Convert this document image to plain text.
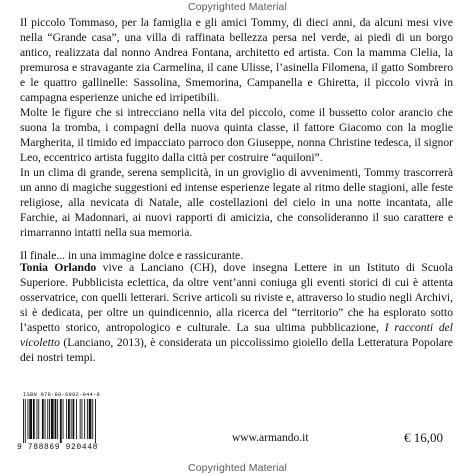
Copyrighted Material

Il piccolo Tommaso, per la famiglia e gli amici Tommy, di dieci anni, da alcuni mesi vive nella “Grande casa”, una villa di raffinata bellezza persa nel verde, ai piedi di un borgo antico, realizzata dal nonno Andrea Fontana, architetto ed artista. Con la mamma Clelia, la premurosa e stravagante zia Carmelina, il cane Ulisse, l’asinella Filomena, il gatto Sombrero e le quattro gallinelle: Sassolina, Smemorina, Campanella e Ghiretta, il piccolo vivrà in campagna esperienze uniche ed irripetibili.

Molte le figure che si intrecciano nella vita del piccolo, come il bussetto color arancio che suona la tromba, i compagni della nuova quinta classe, il fattore Giacomo con la moglie Margherita, il timido ed impacciato parroco don Giuseppe, nonna Christine tedesca, il signor Leo, eccentrico artista fuggito dalla città per costruire “aquiloni”.

In un clima di grande, serena semplicità, in un groviglio di avvenimenti, Tommy trascorrerà un anno di magiche suggestioni ed intense esperienze legate al ritmo delle stagioni, alle feste religiose, alla nevicata di Natale, alle costellazioni del cielo in una notte incantata, alle Farchie, ai Madonnari, ai nuovi rapporti di amicizia, che consolideranno il suo carattere e rimarranno intatti nella sua memoria.

Il finale... in una immagine dolce e rassicurante.

Tonia Orlando vive a Lanciano (CH), dove insegna Lettere in un Istituto di Scuola Superiore. Pubblicista eclettica, da oltre vent’anni coniuga gli eventi storici di cui è attenta osservatrice, con quelli letterari. Scrive articoli su riviste e, attraverso lo studio negli Archivi, si è dedicata, per oltre un quindicennio, alla ricerca del “territorio” che ha esplorato sotto l’aspetto storico, antropologico e culturale. La sua ultima pubblicazione, I racconti del vicoletto (Lanciano, 2013), è considerata un piccolissimo gioiello della Letteratura Popolare dei nostri tempi.

ISBN 978-88-6992-044-8
9 788869 920448
www.armando.it	€ 16,00
Copyrighted Material
